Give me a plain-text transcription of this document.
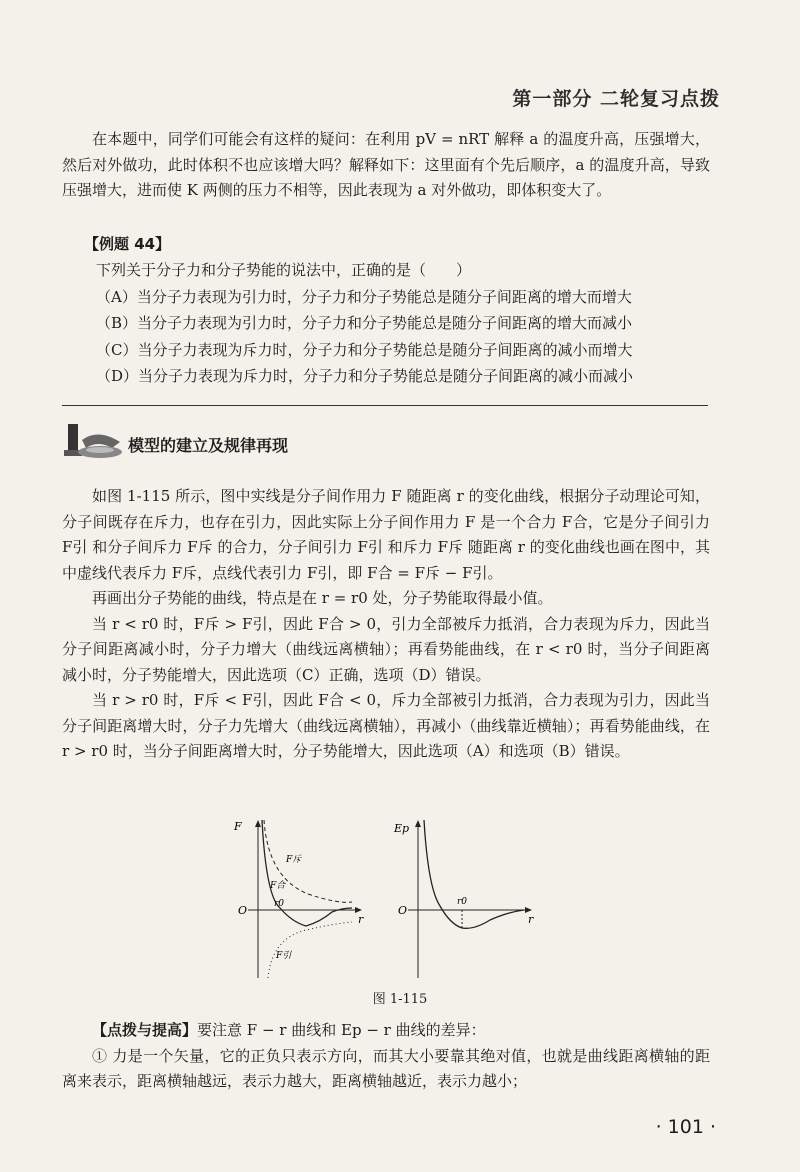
第一部分 二轮复习点拨

在本题中，同学们可能会有这样的疑问：在利用 pV = nRT 解释 a 的温度升高，压强增大，然后对外做功，此时体积不也应该增大吗？解释如下：这里面有个先后顺序，a 的温度升高，导致压强增大，进而使 K 两侧的压力不相等，因此表现为 a 对外做功，即体积变大了。

【例题 44】

下列关于分子力和分子势能的说法中，正确的是（　　）

（A）当分子力表现为引力时，分子力和分子势能总是随分子间距离的增大而增大

（B）当分子力表现为引力时，分子力和分子势能总是随分子间距离的增大而减小

（C）当分子力表现为斥力时，分子力和分子势能总是随分子间距离的减小而增大

（D）当分子力表现为斥力时，分子力和分子势能总是随分子间距离的减小而减小

模型的建立及规律再现

如图 1-115 所示，图中实线是分子间作用力 F 随距离 r 的变化曲线，根据分子动理论可知，分子间既存在斥力，也存在引力，因此实际上分子间作用力 F 是一个合力 F合，它是分子间引力 F引 和分子间斥力 F斥 的合力，分子间引力 F引 和斥力 F斥 随距离 r 的变化曲线也画在图中，其中虚线代表斥力 F斥，点线代表引力 F引，即 F合 = F斥 − F引。

再画出分子势能的曲线，特点是在 r = r0 处，分子势能取得最小值。

当 r < r0 时，F斥 > F引，因此 F合 > 0，引力全部被斥力抵消，合力表现为斥力，因此当分子间距离减小时，分子力增大（曲线远离横轴）；再看势能曲线，在 r < r0 时，当分子间距离减小时，分子势能增大，因此选项（C）正确，选项（D）错误。

当 r > r0 时，F斥 < F引，因此 F合 < 0，斥力全部被引力抵消，合力表现为引力，因此当分子间距离增大时，分子力先增大（曲线远离横轴），再减小（曲线靠近横轴）；再看势能曲线，在 r > r0 时，当分子间距离增大时，分子势能增大，因此选项（A）和选项（B）错误。

F
r
O	r0
F斥
F合
F引
Ep
r
O
r0
图 1-115

【点拨与提高】要注意 F − r 曲线和 Ep − r 曲线的差异：

① 力是一个矢量，它的正负只表示方向，而其大小要靠其绝对值，也就是曲线距离横轴的距离来表示，距离横轴越远，表示力越大，距离横轴越近，表示力越小；

· 101 ·
